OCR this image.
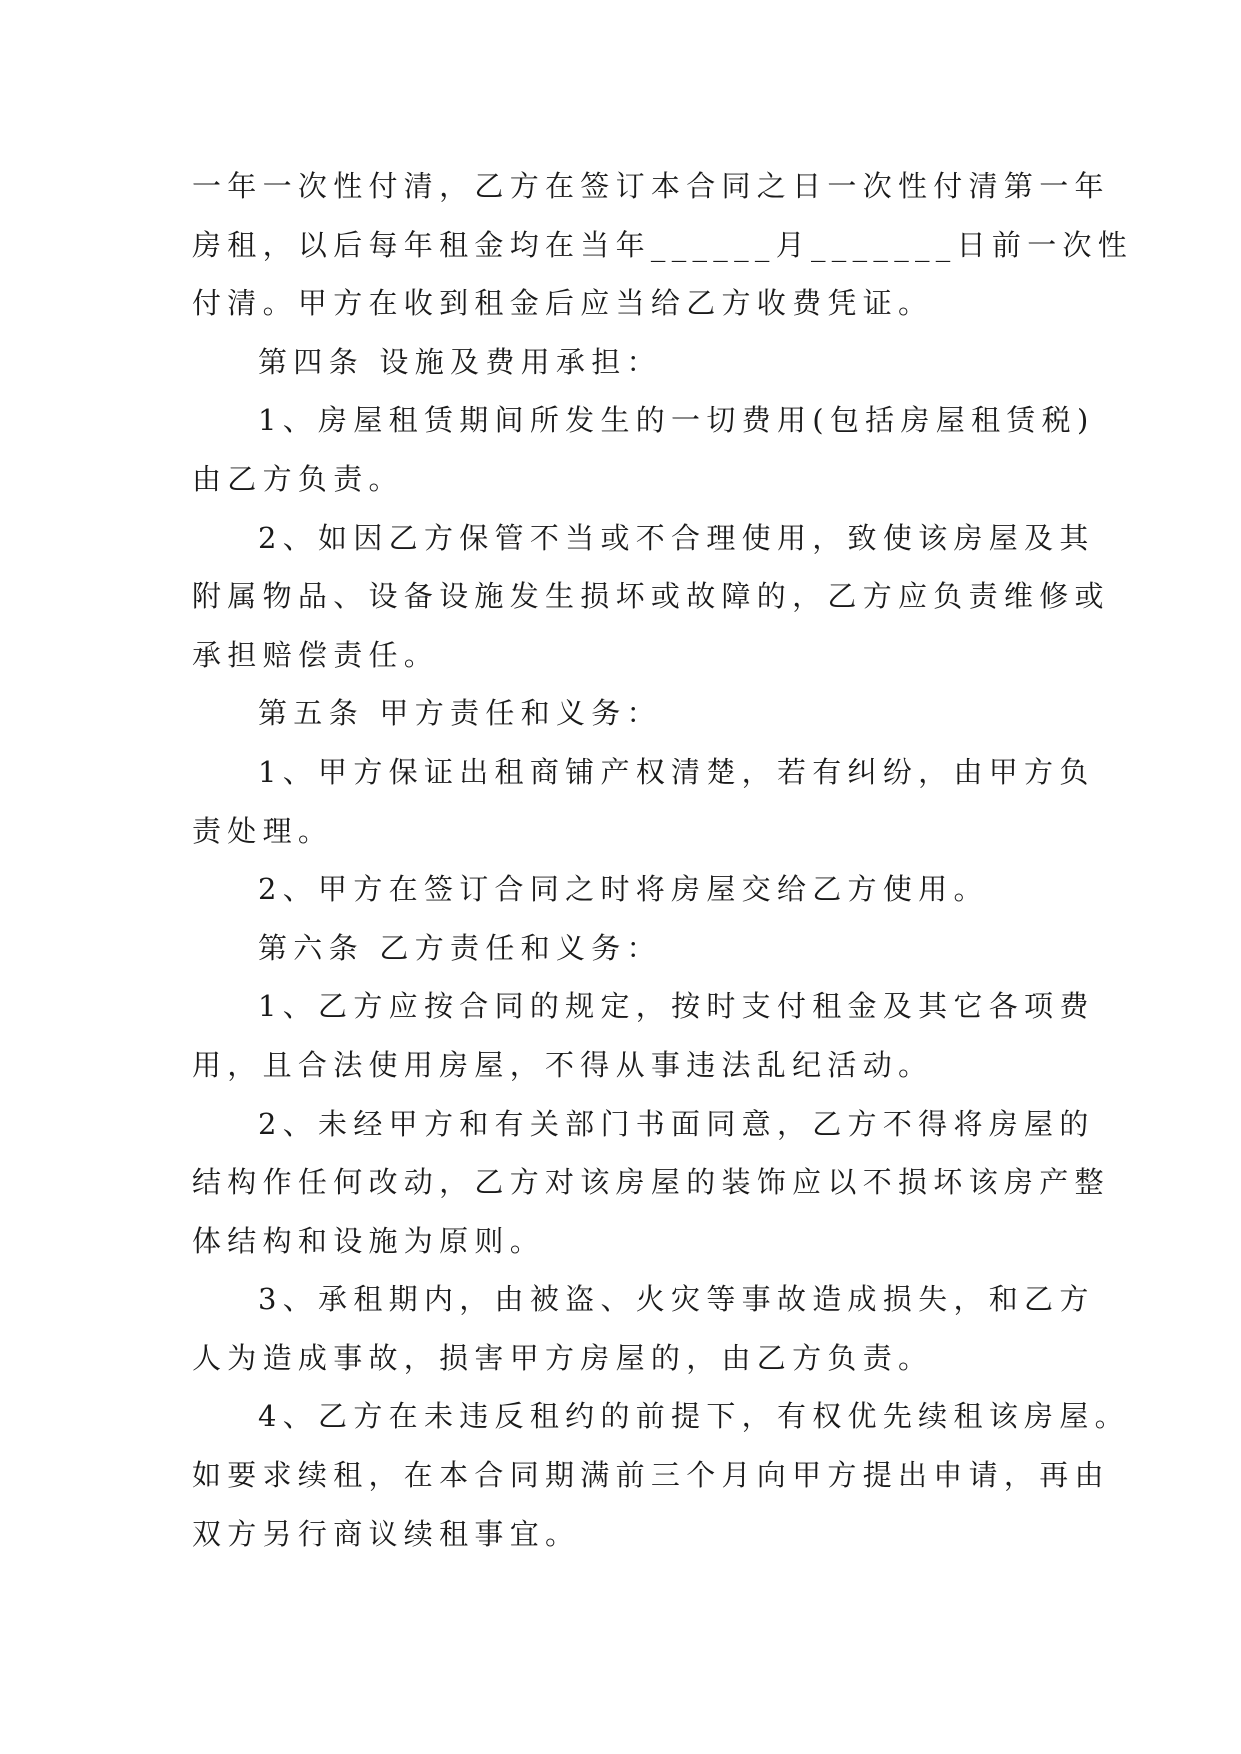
一年一次性付清，乙方在签订本合同之日一次性付清第一年
房租，以后每年租金均在当年______月_______日前一次性
付清。甲方在收到租金后应当给乙方收费凭证。
第四条 设施及费用承担：
1、房屋租赁期间所发生的一切费用(包括房屋租赁税)
由乙方负责。
2、如因乙方保管不当或不合理使用，致使该房屋及其
附属物品、设备设施发生损坏或故障的，乙方应负责维修或
承担赔偿责任。
第五条 甲方责任和义务：
1、甲方保证出租商铺产权清楚，若有纠纷，由甲方负
责处理。
2、甲方在签订合同之时将房屋交给乙方使用。
第六条 乙方责任和义务：
1、乙方应按合同的规定，按时支付租金及其它各项费
用，且合法使用房屋，不得从事违法乱纪活动。
2、未经甲方和有关部门书面同意，乙方不得将房屋的
结构作任何改动，乙方对该房屋的装饰应以不损坏该房产整
体结构和设施为原则。
3、承租期内，由被盗、火灾等事故造成损失，和乙方
人为造成事故，损害甲方房屋的，由乙方负责。
4、乙方在未违反租约的前提下，有权优先续租该房屋。
如要求续租，在本合同期满前三个月向甲方提出申请，再由
双方另行商议续租事宜。
